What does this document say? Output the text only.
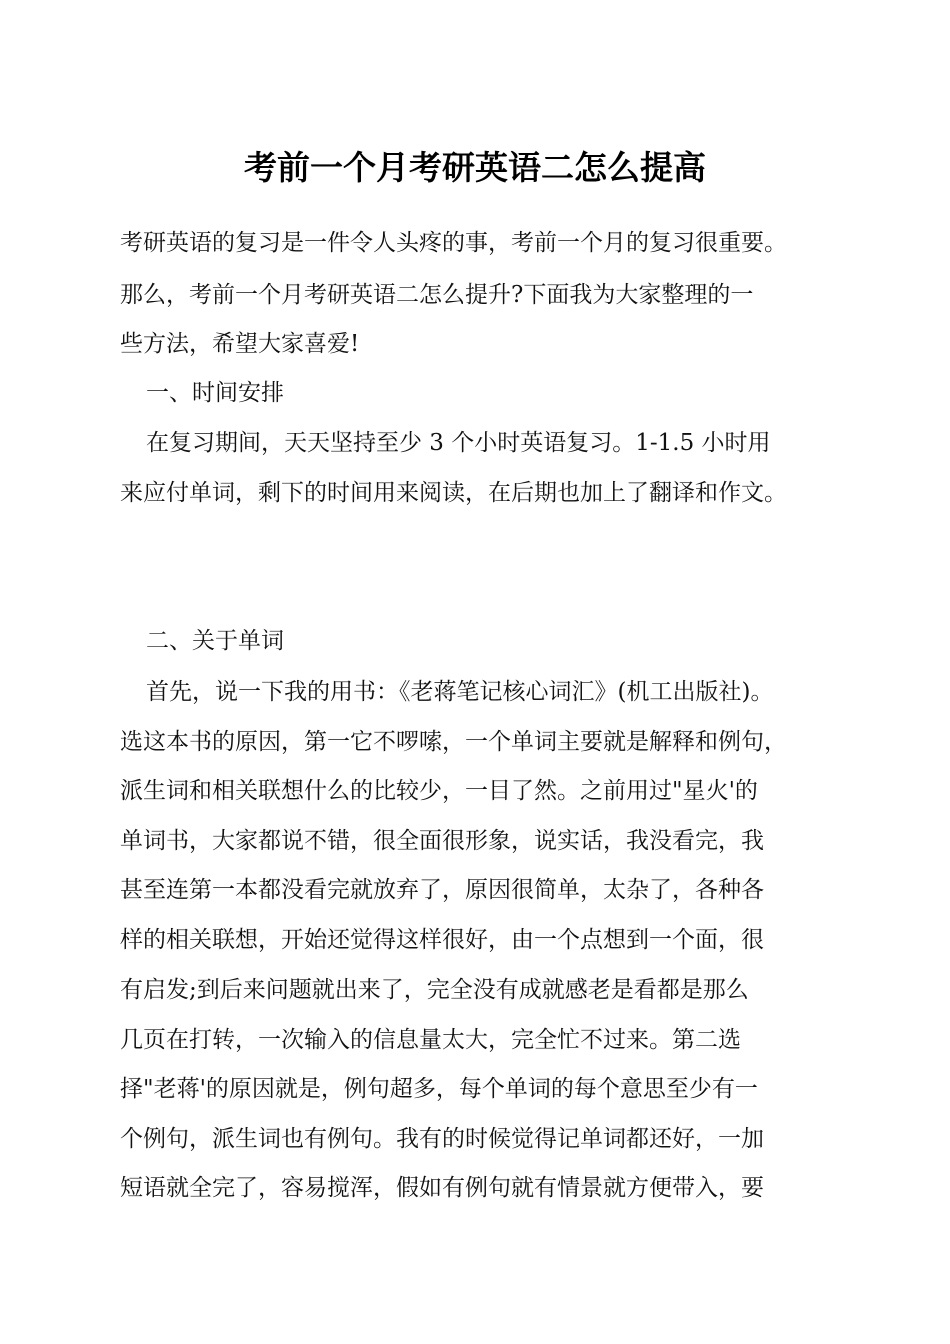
考前一个月考研英语二怎么提高
考研英语的复习是一件令人头疼的事，考前一个月的复习很重要。
那么，考前一个月考研英语二怎么提升?下面我为大家整理的一
些方法，希望大家喜爱!
一、时间安排
在复习期间，天天坚持至少 3 个小时英语复习。1-1.5 小时用
来应付单词，剩下的时间用来阅读，在后期也加上了翻译和作文。
二、关于单词
首先，说一下我的用书：《老蒋笔记核心词汇》(机工出版社)。
选这本书的原因，第一它不啰嗦，一个单词主要就是解释和例句，
派生词和相关联想什么的比较少，一目了然。之前用过"星火'的
单词书，大家都说不错，很全面很形象，说实话，我没看完，我
甚至连第一本都没看完就放弃了，原因很简单，太杂了，各种各
样的相关联想，开始还觉得这样很好，由一个点想到一个面，很
有启发;到后来问题就出来了，完全没有成就感老是看都是那么
几页在打转，一次输入的信息量太大，完全忙不过来。第二选
择"老蒋'的原因就是，例句超多，每个单词的每个意思至少有一
个例句，派生词也有例句。我有的时候觉得记单词都还好，一加
短语就全完了，容易搅浑，假如有例句就有情景就方便带入，要
